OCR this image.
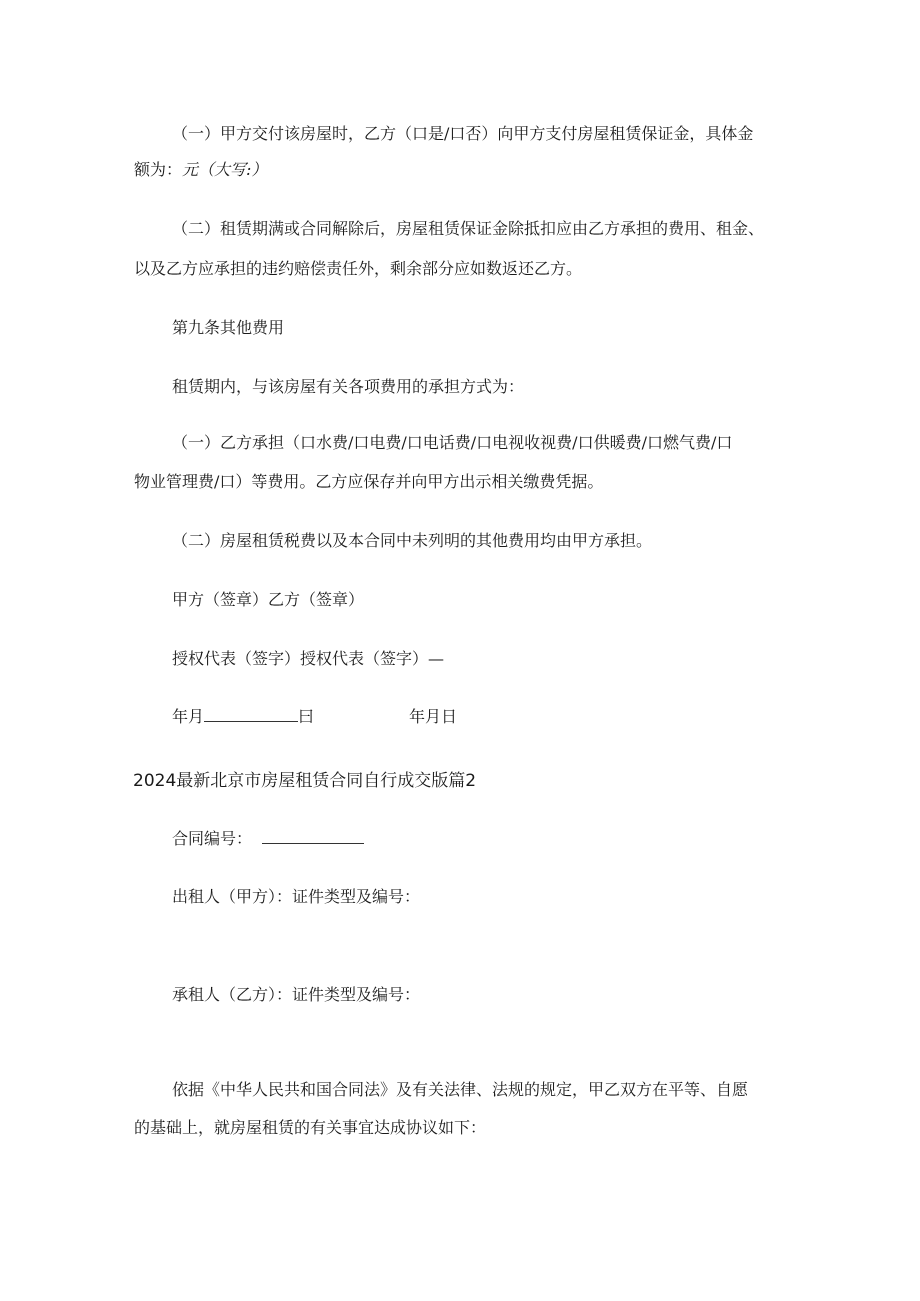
（一）甲方交付该房屋时，乙方（口是/口否）向甲方支付房屋租赁保证金，具体金
额为：元（大写:）
（二）租赁期满或合同解除后，房屋租赁保证金除抵扣应由乙方承担的费用、租金、
以及乙方应承担的违约赔偿责任外，剩余部分应如数返还乙方。
第九条其他费用
租赁期内，与该房屋有关各项费用的承担方式为：
（一）乙方承担（口水费/口电费/口电话费/口电视收视费/口供暖费/口燃气费/口
物业管理费/口）等费用。乙方应保存并向甲方出示相关缴费凭据。
（二）房屋租赁税费以及本合同中未列明的其他费用均由甲方承担。
甲方（签章）乙方（签章）
授权代表（签字）授权代表（签字）—
年月	曰	年月日
2024最新北京市房屋租赁合同自行成交版篇2
合同编号：
出租人（甲方）：证件类型及编号：
承租人（乙方）：证件类型及编号：
依据《中华人民共和国合同法》及有关法律、法规的规定，甲乙双方在平等、自愿
的基础上，就房屋租赁的有关事宜达成协议如下：
